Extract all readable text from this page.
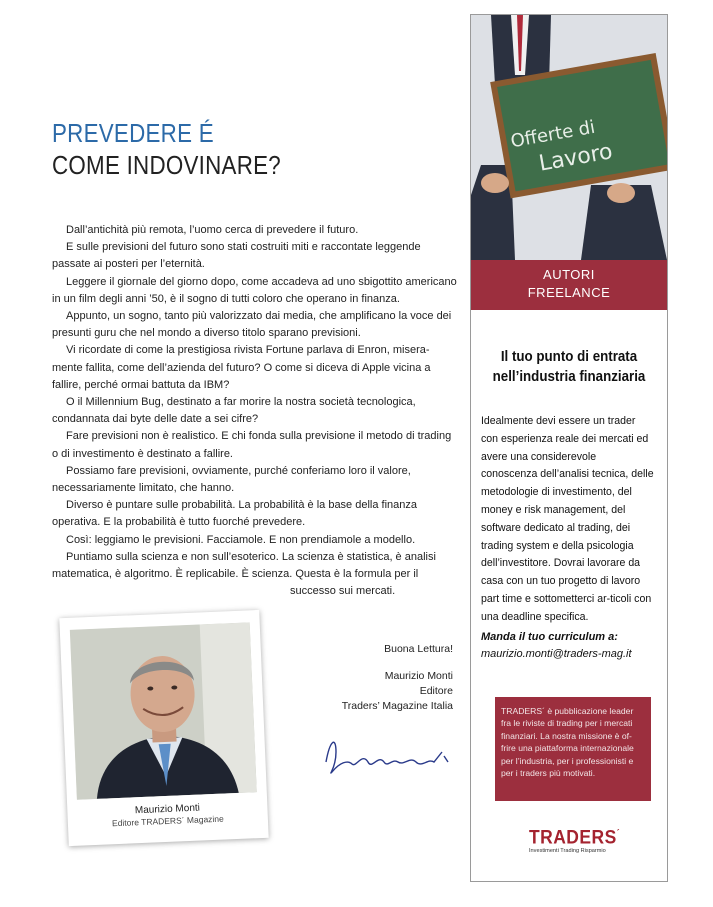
PREVEDERE É
COME INDOVINARE?

Dall’antichità più remota, l’uomo cerca di prevedere il futuro.

E sulle previsioni del futuro sono stati costruiti miti e raccontate leggende passate ai posteri per l’eternità.

Leggere il giornale del giorno dopo, come accadeva ad uno sbigottito americano in un film degli anni ’50, è il sogno di tutti coloro che operano in finanza.

Appunto, un sogno, tanto più valorizzato dai media, che amplificano la voce dei presunti guru che nel mondo a diverso titolo sparano previsioni.

Vi ricordate di come la prestigiosa rivista Fortune parlava di Enron, misera-mente fallita, come dell’azienda del futuro? O come si diceva di Apple vicina a fallire, perché ormai battuta da IBM?

O il Millennium Bug, destinato a far morire la nostra società tecnologica, condannata dai byte delle date a sei cifre?

Fare previsioni non è realistico. E chi fonda sulla previsione il metodo di trading o di investimento è destinato a fallire.

Possiamo fare previsioni, ovviamente, purché conferiamo loro il valore, necessariamente limitato, che hanno.

Diverso è puntare sulle probabilità. La probabilità è la base della finanza operativa. E la probabilità è tutto fuorché prevedere.

Così: leggiamo le previsioni. Facciamole. E non prendiamole a modello.

Puntiamo sulla scienza e non sull’esoterico. La scienza è statistica, è analisi matematica, è algoritmo. È replicabile. È scienza. Questa è la formula per il

successo sui mercati.

Maurizio Monti
Editore TRADERS´ Magazine
Buona Lettura!
Maurizio Monti
Editore
Traders’ Magazine Italia
Offerte di
Lavoro
AUTORI
FREELANCE
Il tuo punto di entrata
nell’industria finanziaria
Idealmente devi essere un trader con esperienza reale dei mercati ed avere una considerevole conoscenza dell’analisi tecnica, delle metodologie di investimento, del money e risk management, del software dedicato al trading, dei trading system e della psicologia dell’investitore. Dovrai lavorare da casa con un tuo progetto di lavoro part time e sottometterci ar-ticoli con una deadline specifica.
Manda il tuo curriculum a:
maurizio.monti@traders-mag.it
TRADERS´ è pubblicazione leader fra le riviste di trading per i mercati finanziari. La nostra missione è of-frire una piattaforma internazionale per l’industria, per i professionisti e per i traders più motivati.
TRADERS´
Investimenti Trading Risparmio
